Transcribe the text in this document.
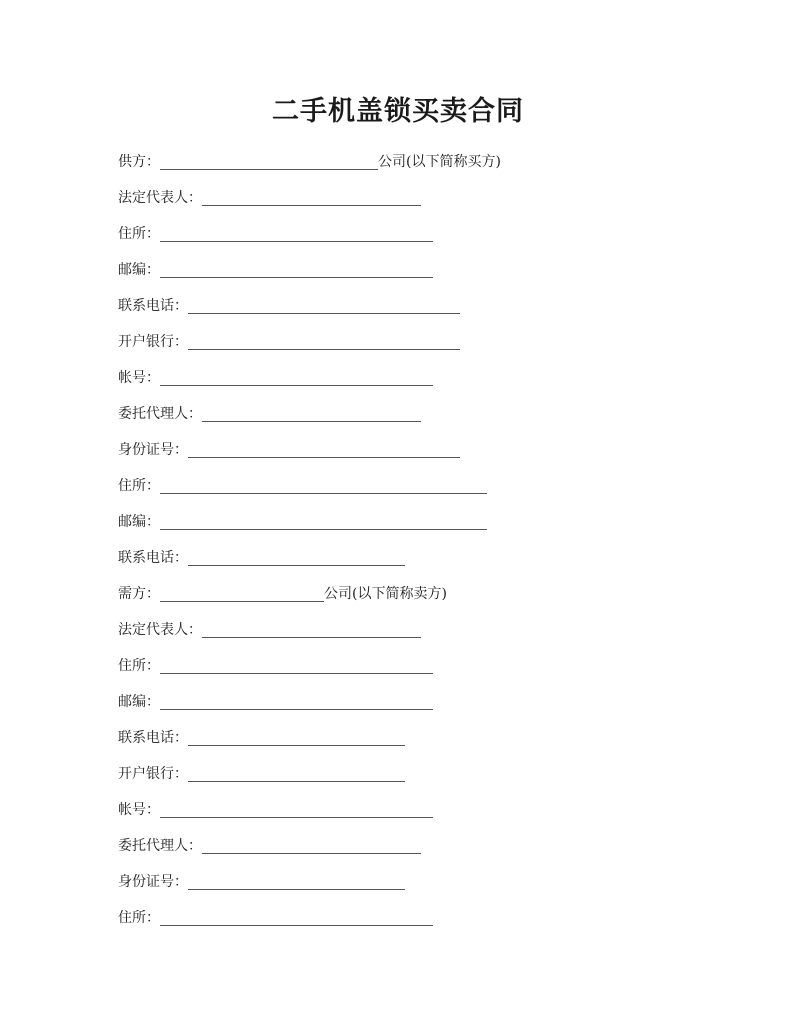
二手机盖锁买卖合同
供方：	公司(以下简称买方)
法定代表人：
住所：
邮编：
联系电话：
开户银行：
帐号：
委托代理人：
身份证号：
住所：
邮编：
联系电话：
需方：	公司(以下简称卖方)
法定代表人：
住所：
邮编：
联系电话：
开户银行：
帐号：
委托代理人：
身份证号：
住所：
